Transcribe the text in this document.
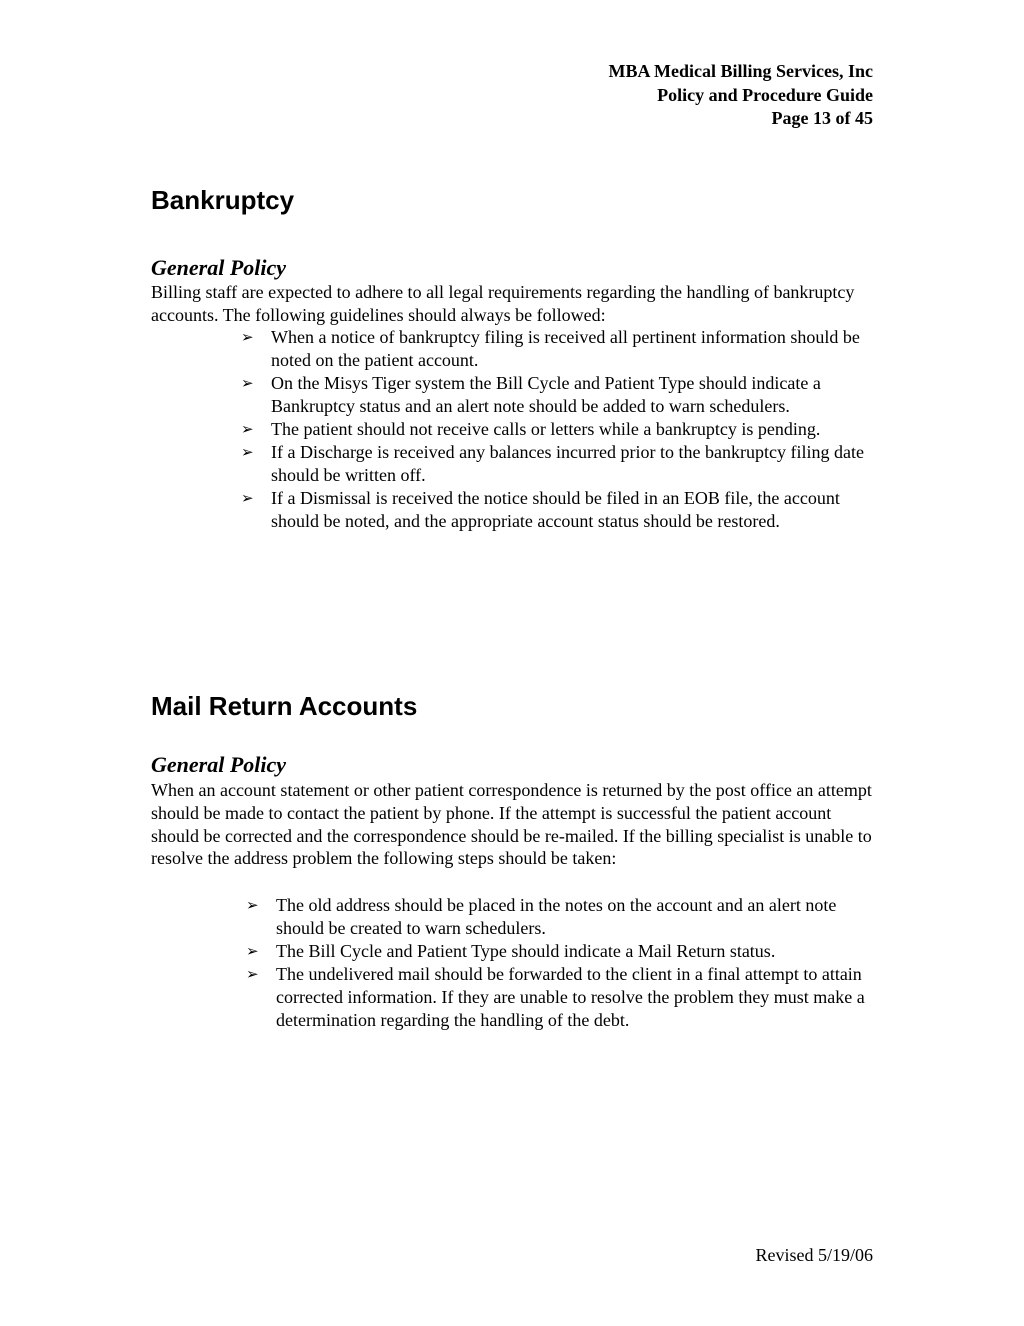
MBA Medical Billing Services, Inc
Policy and Procedure Guide
Page 13 of 45
Bankruptcy
General Policy

Billing staff are expected to adhere to all legal requirements regarding the handling of bankruptcy accounts. The following guidelines should always be followed:

➢ When a notice of bankruptcy filing is received all pertinent information should be noted on the patient account.
➢ On the Misys Tiger system the Bill Cycle and Patient Type should indicate a Bankruptcy status and an alert note should be added to warn schedulers.
➢ The patient should not receive calls or letters while a bankruptcy is pending.
➢ If a Discharge is received any balances incurred prior to the bankruptcy filing date should be written off.
➢ If a Dismissal is received the notice should be filed in an EOB file, the account should be noted, and the appropriate account status should be restored.
Mail Return Accounts
General Policy

When an account statement or other patient correspondence is returned by the post office an attempt should be made to contact the patient by phone. If the attempt is successful the patient account should be corrected and the correspondence should be re-mailed. If the billing specialist is unable to resolve the address problem the following steps should be taken:

➢ The old address should be placed in the notes on the account and an alert note should be created to warn schedulers.
➢ The Bill Cycle and Patient Type should indicate a Mail Return status.
➢ The undelivered mail should be forwarded to the client in a final attempt to attain corrected information. If they are unable to resolve the problem they must make a determination regarding the handling of the debt.
Revised 5/19/06
